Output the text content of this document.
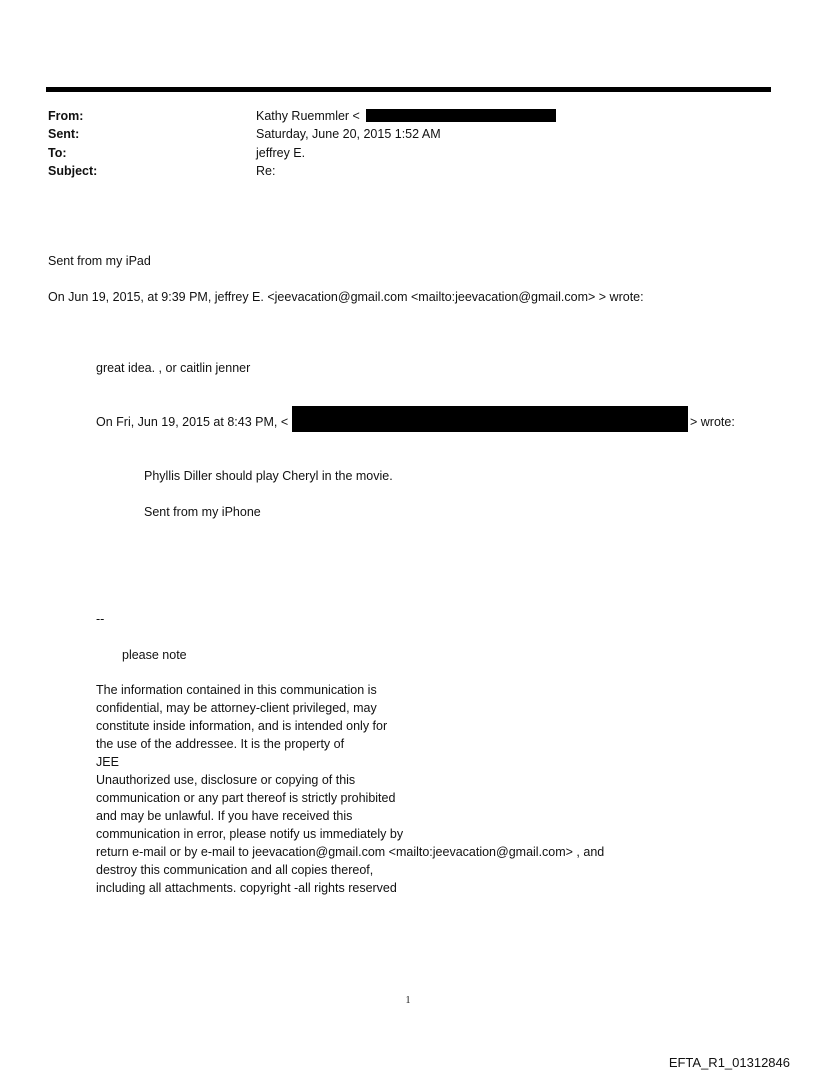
From:	Kathy Ruemmler <
Sent:	Saturday, June 20, 2015 1:52 AM
To:	jeffrey E.
Subject:	Re:
Sent from my iPad
On Jun 19, 2015, at 9:39 PM, jeffrey E. <jeevacation@gmail.com <mailto:jeevacation@gmail.com> > wrote:
great idea. , or caitlin jenner
On Fri, Jun 19, 2015 at 8:43 PM, <	> wrote:
Phyllis Diller should play Cheryl in the movie.
Sent from my iPhone
--
please note
The information contained in this communication is
confidential, may be attorney-client privileged, may
constitute inside information, and is intended only for
the use of the addressee. It is the property of
JEE
Unauthorized use, disclosure or copying of this
communication or any part thereof is strictly prohibited
and may be unlawful. If you have received this
communication in error, please notify us immediately by
return e-mail or by e-mail to jeevacation@gmail.com <mailto:jeevacation@gmail.com> , and
destroy this communication and all copies thereof,
including all attachments. copyright -all rights reserved
1
EFTA_R1_01312846
